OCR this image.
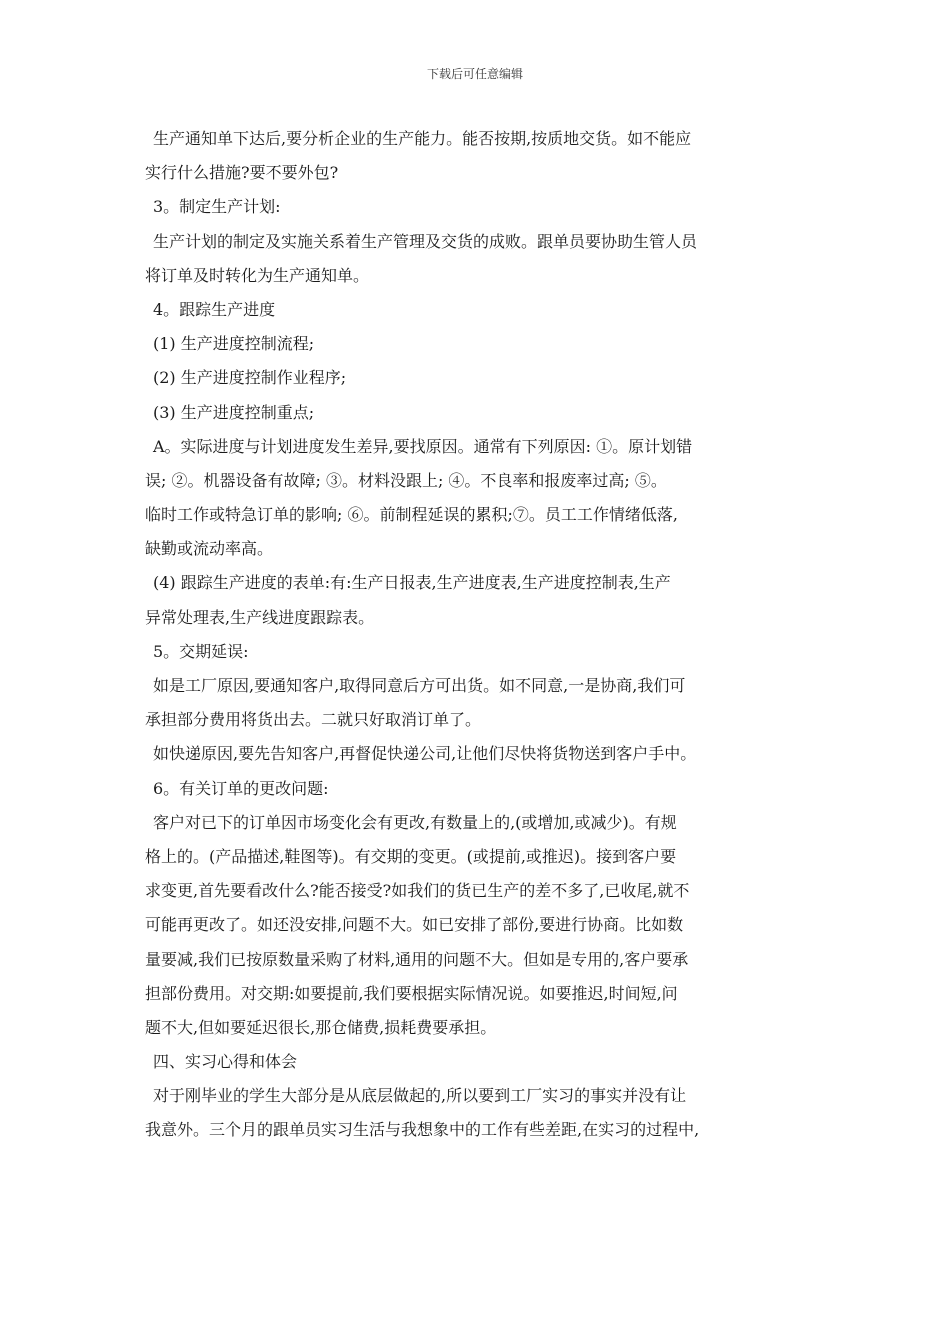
下载后可任意编辑
生产通知单下达后,要分析企业的生产能力。能否按期,按质地交货。如不能应
实行什么措施?要不要外包?
3。制定生产计划:
生产计划的制定及实施关系着生产管理及交货的成败。跟单员要协助生管人员
将订单及时转化为生产通知单。
4。跟踪生产进度
(1) 生产进度控制流程;
(2) 生产进度控制作业程序;
(3) 生产进度控制重点;
A。实际进度与计划进度发生差异,要找原因。通常有下列原因: ①。原计划错
误; ②。机器设备有故障; ③。材料没跟上; ④。不良率和报废率过高; ⑤。
临时工作或特急订单的影响; ⑥。前制程延误的累积;⑦。员工工作情绪低落,
缺勤或流动率高。
(4) 跟踪生产进度的表单:有:生产日报表,生产进度表,生产进度控制表,生产
异常处理表,生产线进度跟踪表。
5。交期延误:
如是工厂原因,要通知客户,取得同意后方可出货。如不同意,一是协商,我们可
承担部分费用将货出去。二就只好取消订单了。
如快递原因,要先告知客户,再督促快递公司,让他们尽快将货物送到客户手中。
6。有关订单的更改问题:
客户对已下的订单因市场变化会有更改,有数量上的,(或增加,或减少)。有规
格上的。(产品描述,鞋图等)。有交期的变更。(或提前,或推迟)。接到客户要
求变更,首先要看改什么?能否接受?如我们的货已生产的差不多了,已收尾,就不
可能再更改了。如还没安排,问题不大。如已安排了部份,要进行协商。比如数
量要减,我们已按原数量采购了材料,通用的问题不大。但如是专用的,客户要承
担部份费用。对交期:如要提前,我们要根据实际情况说。如要推迟,时间短,问
题不大,但如要延迟很长,那仓储费,损耗费要承担。
四、实习心得和体会
对于刚毕业的学生大部分是从底层做起的,所以要到工厂实习的事实并没有让
我意外。三个月的跟单员实习生活与我想象中的工作有些差距,在实习的过程中,
